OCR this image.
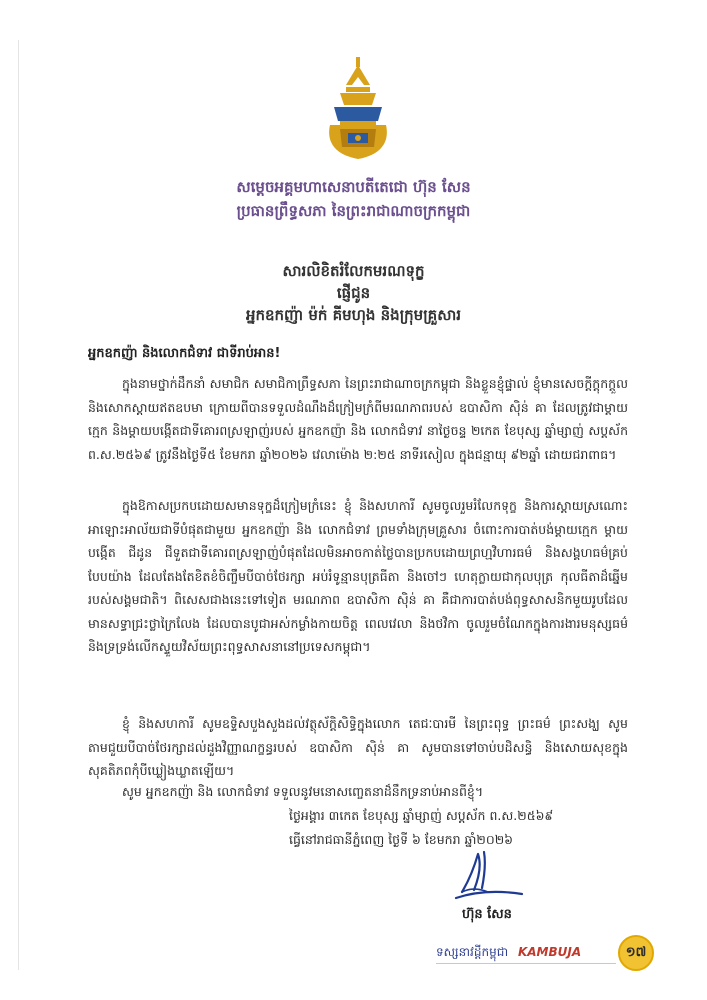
សម្តេចអគ្គមហាសេនាបតីតេជោ ហ៊ុន សែន
ប្រធានព្រឹទ្ធសភា នៃព្រះរាជាណាចក្រកម្ពុជា
សារលិខិតរំលែកមរណទុក្ខ
ផ្ញើជូន
អ្នកឧកញ៉ា ម៉ក់ គីមហុង និងក្រុមគ្រួសារ
អ្នកឧកញ៉ា និងលោកជំទាវ ជាទីរាប់អាន!
ក្នុងនាមថ្នាក់ដឹកនាំ សមាជិក សមាជិកាព្រឹទ្ធសភា នៃព្រះរាជាណាចក្រកម្ពុជា និងខ្លួនខ្ញុំផ្ទាល់ ខ្ញុំមានសេចក្តីក្តុកក្តួល និងសោកស្តាយឥតឧបមា ក្រោយពីបានទទួលដំណឹងដ៏ក្រៀមក្រំពីមរណភាពរបស់ ឧបាសិកា ស៊ិន់ គា ដែលត្រូវជាម្តាយក្មេក និងម្តាយបង្កើតជាទីគោរពស្រឡាញ់របស់ អ្នកឧកញ៉ា និង លោកជំទាវ នាថ្ងៃចន្ទ ២កេត ខែបុស្ស ឆ្នាំម្សាញ់ សប្តស័ក ព.ស.២៥៦៩ ត្រូវនឹងថ្ងៃទី៥ ខែមករា ឆ្នាំ២០២៦ វេលាម៉ោង ២:២៥ នាទីរសៀល ក្នុងជន្មាយុ ៩២ឆ្នាំ ដោយជរាពាធ។
ក្នុងឱកាសប្រកបដោយសមានទុក្ខដ៏ក្រៀមក្រំនេះ ខ្ញុំ និងសហការី សូមចូលរួមរំលែកទុក្ខ និងការស្តាយស្រណោះ អាឡោះអាល័យជាទីបំផុតជាមួយ អ្នកឧកញ៉ា និង លោកជំទាវ ព្រមទាំងក្រុមគ្រួសារ ចំពោះការបាត់បង់ម្តាយក្មេក ម្តាយបង្កើត ជីដូន ជីទួតជាទីគោរពស្រឡាញ់បំផុតដែលមិនអាចកាត់ថ្លៃបានប្រកបដោយព្រហ្មវិហារធម៌ និងសង្គហធម៌គ្រប់បែបយ៉ាង ដែលតែងតែខិតខំចិញ្ចឹមបីបាច់ថែរក្សា អប់រំទូន្មានបុត្រធីតា និងចៅៗ ហេតុក្លាយជាកុលបុត្រ កុលធីតាដ៏ឆ្នើមរបស់សង្គមជាតិ។ ពិសេសជាងនេះទៅទៀត មរណភាព ឧបាសិកា ស៊ិន់ គា គឺជាការបាត់បង់ពុទ្ធសាសនិកមួយរូបដែលមានសទ្ធាជ្រះថ្លាក្រៃលែង ដែលបានបូជាអស់កម្លាំងកាយចិត្ត ពេលវេលា និងថវិកា ចូលរួមចំណែកក្នុងការងារមនុស្សធម៌ និងទ្រទ្រង់លើកស្ទួយវិស័យព្រះពុទ្ធសាសនានៅប្រទេសកម្ពុជា។
ខ្ញុំ និងសហការី សូមឧទ្ទិសបួងសួងដល់វត្ថុស័ក្តិសិទ្ធិក្នុងលោក តេជៈបារមី នៃព្រះពុទ្ធ ព្រះធម៌ ព្រះសង្ឃ សូមតាមជួយបីបាច់ថែរក្សាដល់ដួងវិញ្ញាណក្ខន្ធរបស់ ឧបាសិកា ស៊ិន់ គា សូមបានទៅចាប់បដិសន្ធិ និងសោយសុខក្នុងសុគតិភពកុំបីឃ្លៀងឃ្លាតឡើយ។
សូម អ្នកឧកញ៉ា និង លោកជំទាវ ទទួលនូវមនោសញ្ចេតនាដ៏នឹកទ្រនាប់អានពីខ្ញុំ។
ថ្ងៃអង្គារ ៣កេត ខែបុស្ស ឆ្នាំម្សាញ់ សប្តស័ក ព.ស.២៥៦៩
ធ្វើនៅរាជធានីភ្នំពេញ ថ្ងៃទី ៦ ខែមករា ឆ្នាំ២០២៦
ហ៊ុន សែន
ទស្សនាវដ្តីកម្ពុជា KAMBUJA	១៧
